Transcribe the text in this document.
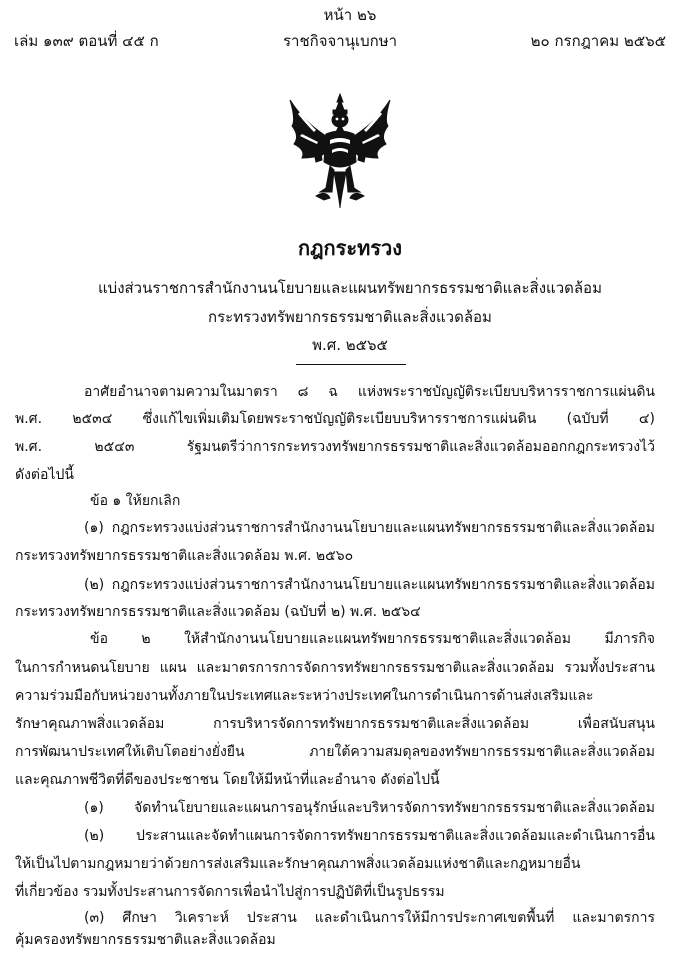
หน้า ๒๖
ราชกิจจานุเบกษา
เล่ม ๑๓๙ ตอนที่ ๔๕ ก	๒๐ กรกฎาคม ๒๕๖๕
กฎกระทรวง
แบ่งส่วนราชการสำนักงานนโยบายและแผนทรัพยากรธรรมชาติและสิ่งแวดล้อม
กระทรวงทรัพยากรธรรมชาติและสิ่งแวดล้อม
พ.ศ. ๒๕๖๕
อาศัยอำนาจตามความในมาตรา ๘ ฉ แห่งพระราชบัญญัติระเบียบบริหารราชการแผ่นดิน
พ.ศ. ๒๕๓๔ ซึ่งแก้ไขเพิ่มเติมโดยพระราชบัญญัติระเบียบบริหารราชการแผ่นดิน (ฉบับที่ ๔)
พ.ศ. ๒๕๔๓ รัฐมนตรีว่าการกระทรวงทรัพยากรธรรมชาติและสิ่งแวดล้อมออกกฎกระทรวงไว้
ดังต่อไปนี้
ข้อ ๑ ให้ยกเลิก
(๑) กฎกระทรวงแบ่งส่วนราชการสำนักงานนโยบายและแผนทรัพยากรธรรมชาติและสิ่งแวดล้อม
กระทรวงทรัพยากรธรรมชาติและสิ่งแวดล้อม พ.ศ. ๒๕๖๐
(๒) กฎกระทรวงแบ่งส่วนราชการสำนักงานนโยบายและแผนทรัพยากรธรรมชาติและสิ่งแวดล้อม
กระทรวงทรัพยากรธรรมชาติและสิ่งแวดล้อม (ฉบับที่ ๒) พ.ศ. ๒๕๖๔
ข้อ ๒ ให้สำนักงานนโยบายและแผนทรัพยากรธรรมชาติและสิ่งแวดล้อม มีภารกิจ
ในการกำหนดนโยบาย แผน และมาตรการการจัดการทรัพยากรธรรมชาติและสิ่งแวดล้อม รวมทั้งประสาน
ความร่วมมือกับหน่วยงานทั้งภายในประเทศและระหว่างประเทศในการดำเนินการด้านส่งเสริมและ
รักษาคุณภาพสิ่งแวดล้อม การบริหารจัดการทรัพยากรธรรมชาติและสิ่งแวดล้อม เพื่อสนับสนุน
การพัฒนาประเทศให้เติบโตอย่างยั่งยืน ภายใต้ความสมดุลของทรัพยากรธรรมชาติและสิ่งแวดล้อม
และคุณภาพชีวิตที่ดีของประชาชน โดยให้มีหน้าที่และอำนาจ ดังต่อไปนี้
(๑) จัดทำนโยบายและแผนการอนุรักษ์และบริหารจัดการทรัพยากรธรรมชาติและสิ่งแวดล้อม
(๒) ประสานและจัดทำแผนการจัดการทรัพยากรธรรมชาติและสิ่งแวดล้อมและดำเนินการอื่น
ให้เป็นไปตามกฎหมายว่าด้วยการส่งเสริมและรักษาคุณภาพสิ่งแวดล้อมแห่งชาติและกฎหมายอื่น
ที่เกี่ยวข้อง รวมทั้งประสานการจัดการเพื่อนำไปสู่การปฏิบัติที่เป็นรูปธรรม
(๓) ศึกษา วิเคราะห์ ประสาน และดำเนินการให้มีการประกาศเขตพื้นที่ และมาตรการ
คุ้มครองทรัพยากรธรรมชาติและสิ่งแวดล้อม
